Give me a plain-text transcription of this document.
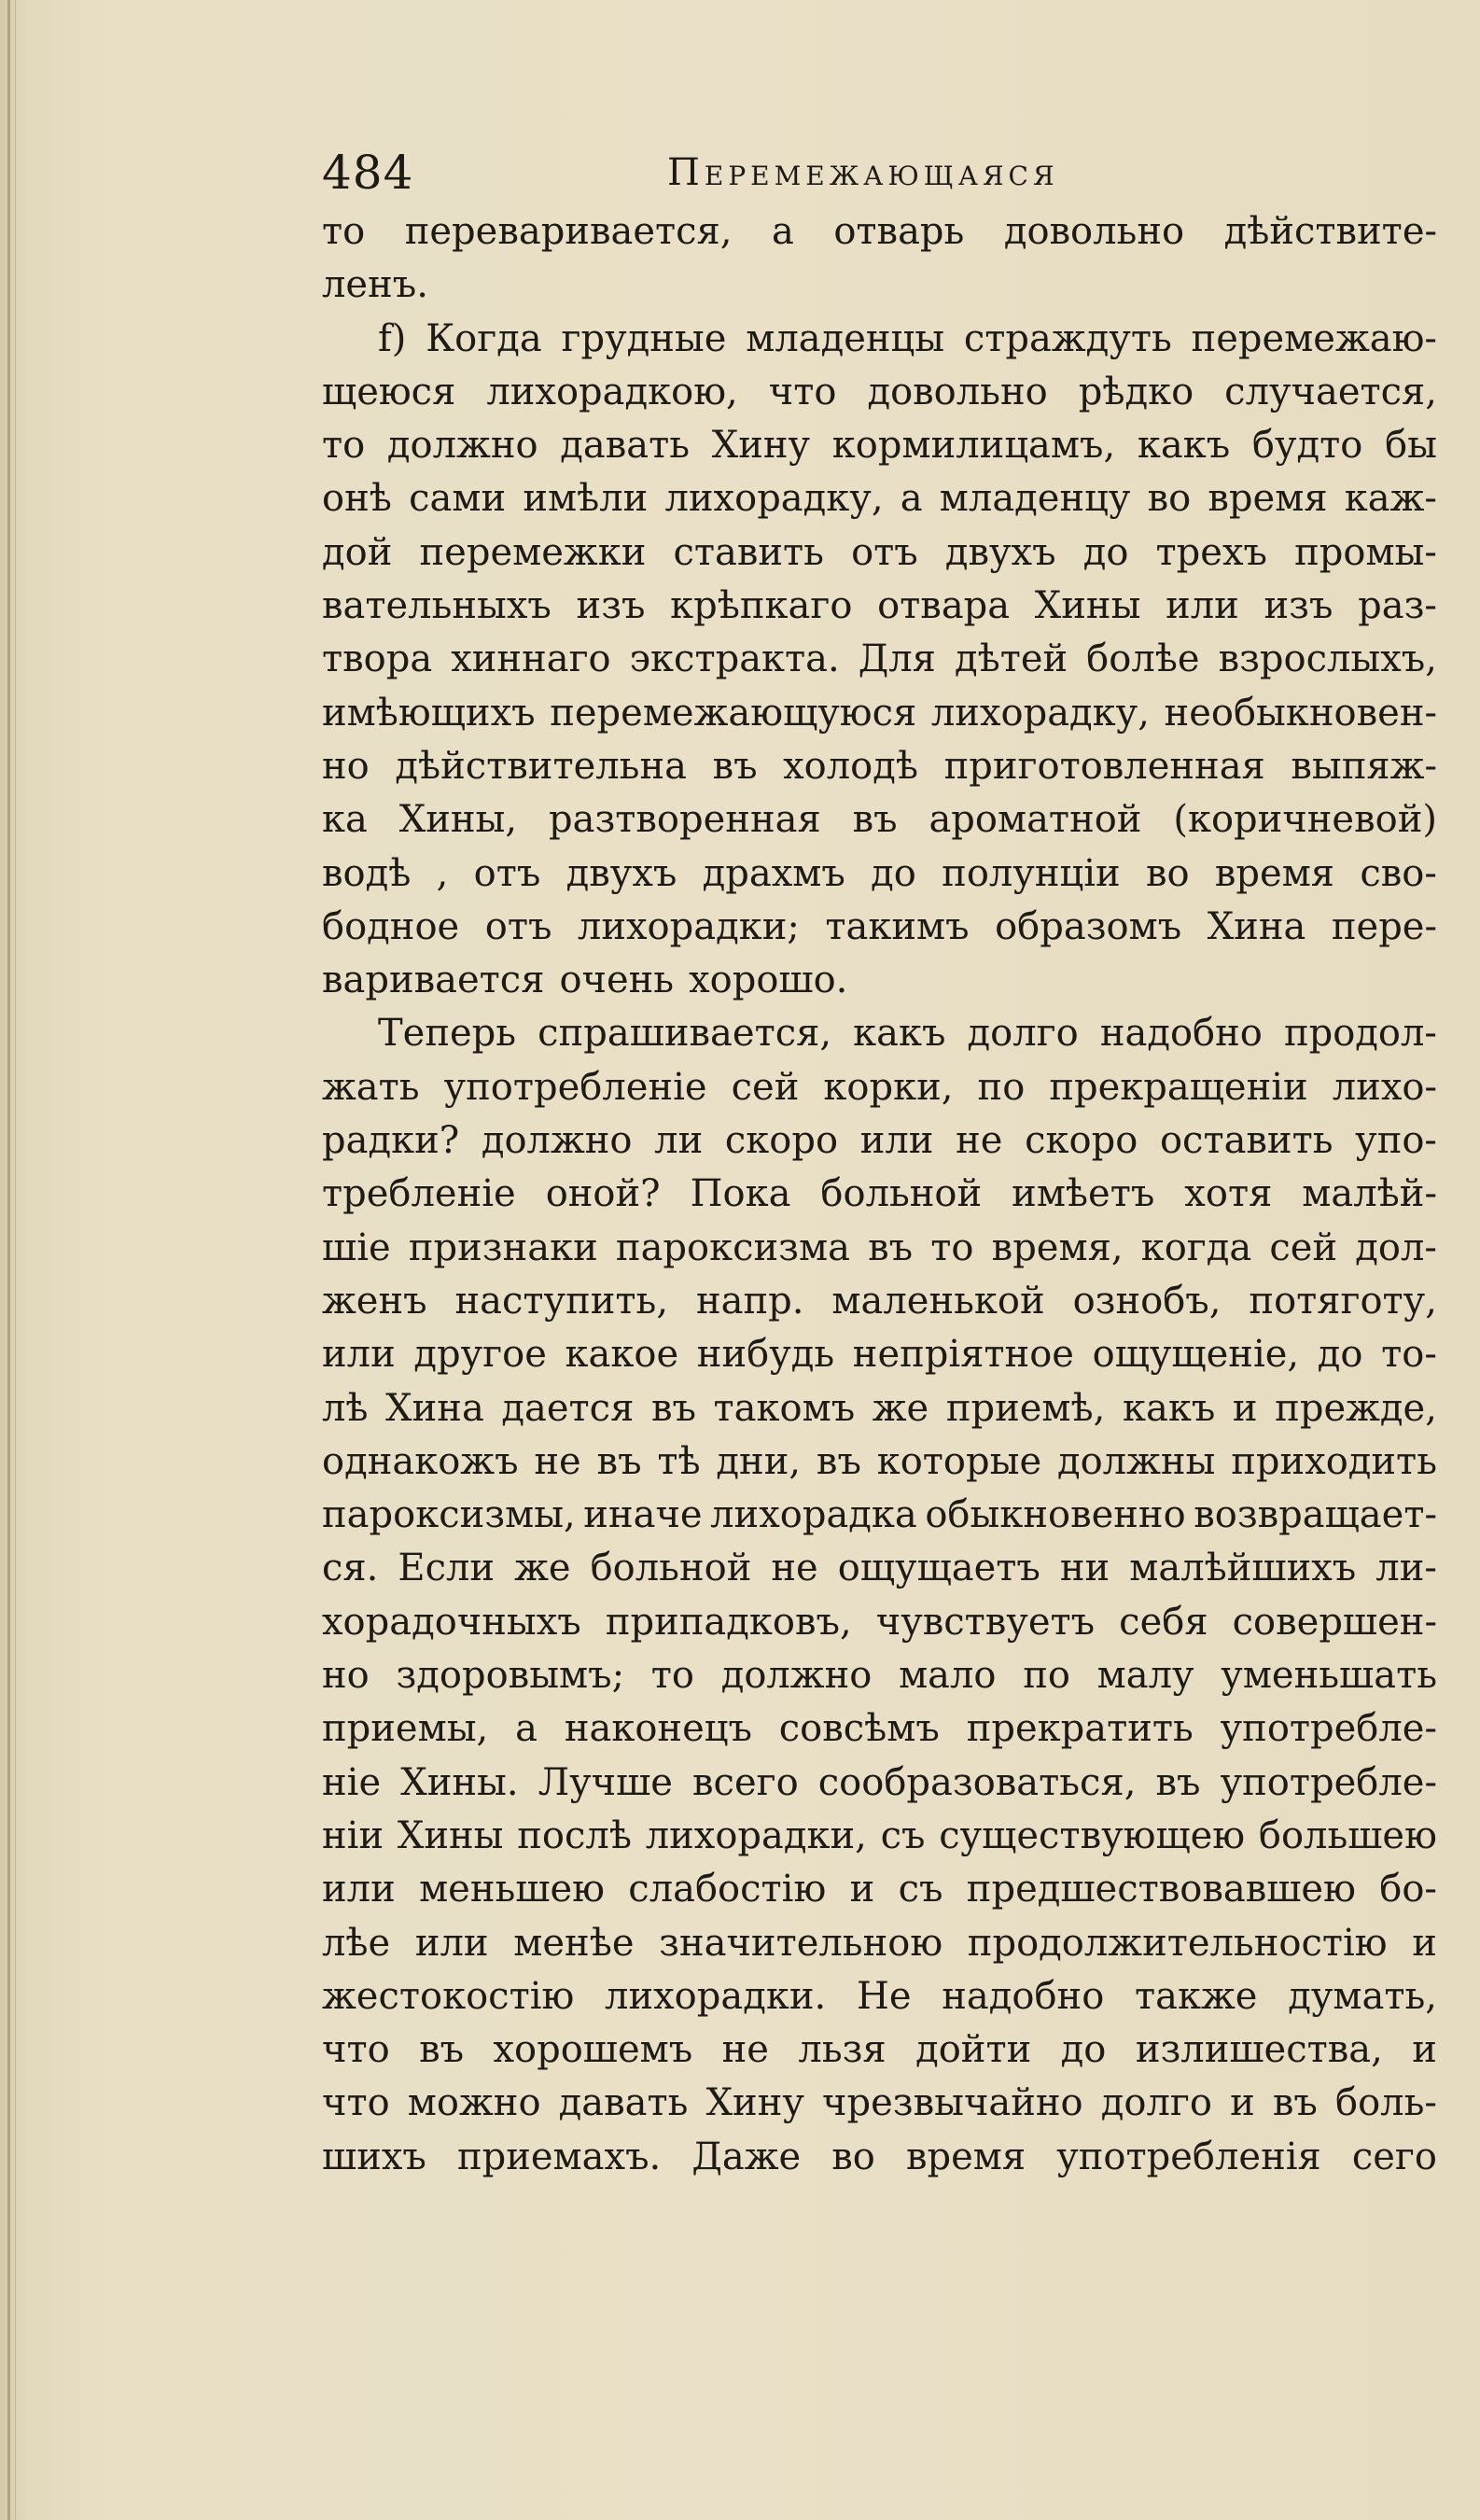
484	Перемежающаяся
то переваривается, а отварь довольно дѣйствите-
ленъ.
f) Когда грудные младенцы страждуть перемежаю-
щеюся лихорадкою, что довольно рѣдко случается,
то должно давать Хину кормилицамъ, какъ будто бы
онѣ сами имѣли лихорадку, а младенцу во время каж-
дой перемежки ставить отъ двухъ до трехъ промы-
вательныхъ изъ крѣпкаго отвара Хины или изъ раз-
твора хиннаго экстракта. Для дѣтей болѣе взрослыхъ,
имѣющихъ перемежающуюся лихорадку, необыкновен-
но дѣйствительна въ холодѣ приготовленная выпяж-
ка Хины, разтворенная въ ароматной (коричневой)
водѣ , отъ двухъ драхмъ до полунціи во время сво-
бодное отъ лихорадки; такимъ образомъ Хина пере-
варивается очень хорошо.
Теперь спрашивается, какъ долго надобно продол-
жать употребленіе сей корки, по прекращеніи лихо-
радки? должно ли скоро или не скоро оставить упо-
требленіе оной? Пока больной имѣетъ хотя малѣй-
шіе признаки пароксизма въ то время, когда сей дол-
женъ наступить, напр. маленькой ознобъ, потяготу,
или другое какое нибудь непріятное ощущеніе, до то-
лѣ Хина дается въ такомъ же приемѣ, какъ и прежде,
однакожъ не въ тѣ дни, въ которые должны приходить
пароксизмы, иначе лихорадка обыкновенно возвращает-
ся. Если же больной не ощущаетъ ни малѣйшихъ ли-
хорадочныхъ припадковъ, чувствуетъ себя совершен-
но здоровымъ; то должно мало по малу уменьшать
приемы, а наконецъ совсѣмъ прекратить употребле-
ніе Хины. Лучше всего сообразоваться, въ употребле-
ніи Хины послѣ лихорадки, съ существующею большею
или меньшею слабостію и съ предшествовавшею бо-
лѣе или менѣе значительною продолжительностію и
жестокостію лихорадки. Не надобно также думать,
что въ хорошемъ не льзя дойти до излишества, и
что можно давать Хину чрезвычайно долго и въ боль-
шихъ приемахъ. Даже во время употребленія сего
